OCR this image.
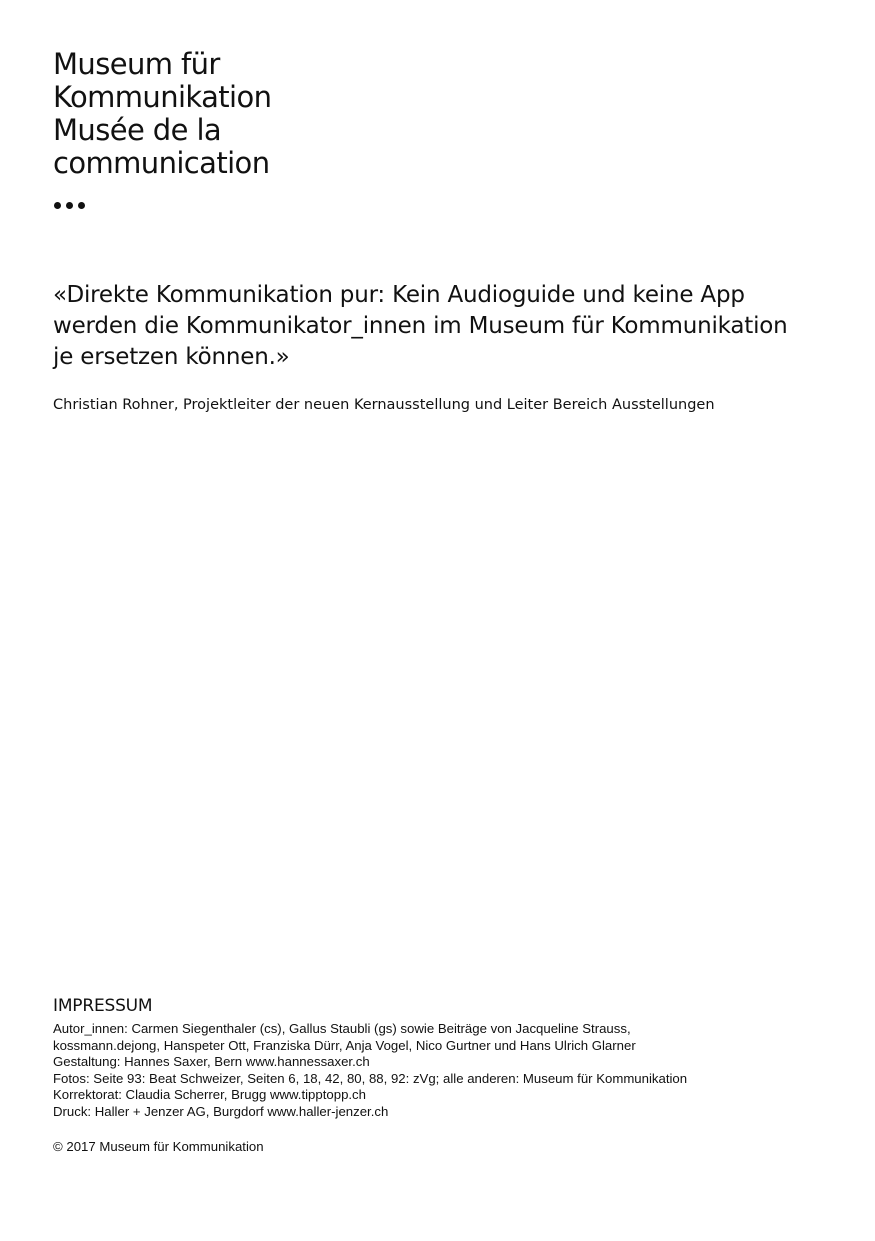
Museum für
Kommunikation
Musée de la
communication

«Direkte Kommunikation pur: Kein Audioguide und keine App
werden die Kommunikator_innen im Museum für Kommunikation
je ersetzen können.»

Christian Rohner, Projektleiter der neuen Kernausstellung und Leiter Bereich Ausstellungen
IMPRESSUM
Autor_innen: Carmen Siegenthaler (cs), Gallus Staubli (gs) sowie Beiträge von Jacqueline Strauss,
kossmann.dejong, Hanspeter Ott, Franziska Dürr, Anja Vogel, Nico Gurtner und Hans Ulrich Glarner
Gestaltung: Hannes Saxer, Bern www.hannessaxer.ch
Fotos: Seite 93: Beat Schweizer, Seiten 6, 18, 42, 80, 88, 92: zVg; alle anderen: Museum für Kommunikation
Korrektorat: Claudia Scherrer, Brugg www.tipptopp.ch
Druck: Haller + Jenzer AG, Burgdorf www.haller-jenzer.ch
© 2017 Museum für Kommunikation
